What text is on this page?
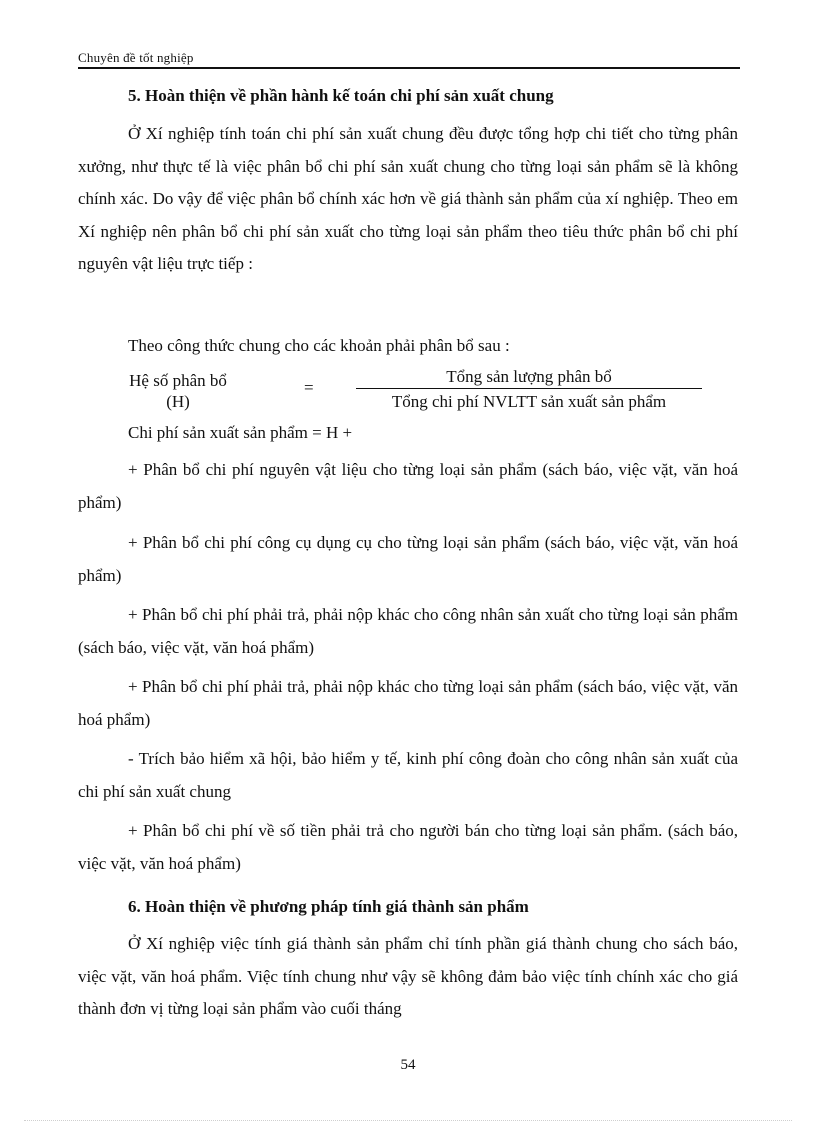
Chuyên đề tốt nghiệp
5. Hoàn thiện về phần hành kế toán chi phí sản xuất chung

Ở Xí nghiệp tính toán chi phí sản xuất chung đều được tổng hợp chi tiết cho từng phân xưởng, như thực tế là việc phân bổ chi phí sản xuất chung cho từng loại sản phẩm sẽ là không chính xác. Do vậy để việc phân bổ chính xác hơn về giá thành sản phẩm của xí nghiệp. Theo em Xí nghiệp nên phân bổ chi phí sản xuất cho từng loại sản phẩm theo tiêu thức phân bổ chi phí nguyên vật liệu trực tiếp :

Theo công thức chung cho các khoản phải phân bổ sau :
Hệ số phân bổ
(H)
=
Tổng sản lượng phân bổ
Tổng chi phí NVLTT sản xuất sản phẩm
Chi phí sản xuất sản phẩm = H +

+ Phân bổ chi phí nguyên vật liệu cho từng loại sản phẩm (sách báo, việc vặt, văn hoá phẩm)

+ Phân bổ chi phí công cụ dụng cụ cho từng loại sản phẩm (sách báo, việc vặt, văn hoá phẩm)

+ Phân bổ chi phí phải trả, phải nộp khác cho công nhân sản xuất cho từng loại sản phẩm (sách báo, việc vặt, văn hoá phẩm)

+ Phân bổ chi phí phải trả, phải nộp khác cho từng loại sản phẩm (sách báo, việc vặt, văn hoá phẩm)

- Trích bảo hiểm xã hội, bảo hiểm y tế, kinh phí công đoàn cho công nhân sản xuất của chi phí sản xuất chung

+ Phân bổ chi phí về số tiền phải trả cho người bán cho từng loại sản phẩm. (sách báo, việc vặt, văn hoá phẩm)

6. Hoàn thiện về phương pháp tính giá thành sản phẩm

Ở Xí nghiệp việc tính giá thành sản phẩm chỉ tính phần giá thành chung cho sách báo, việc vặt, văn hoá phẩm. Việc tính chung như vậy sẽ không đảm bảo việc tính chính xác cho giá thành đơn vị từng loại sản phẩm vào cuối tháng

54
